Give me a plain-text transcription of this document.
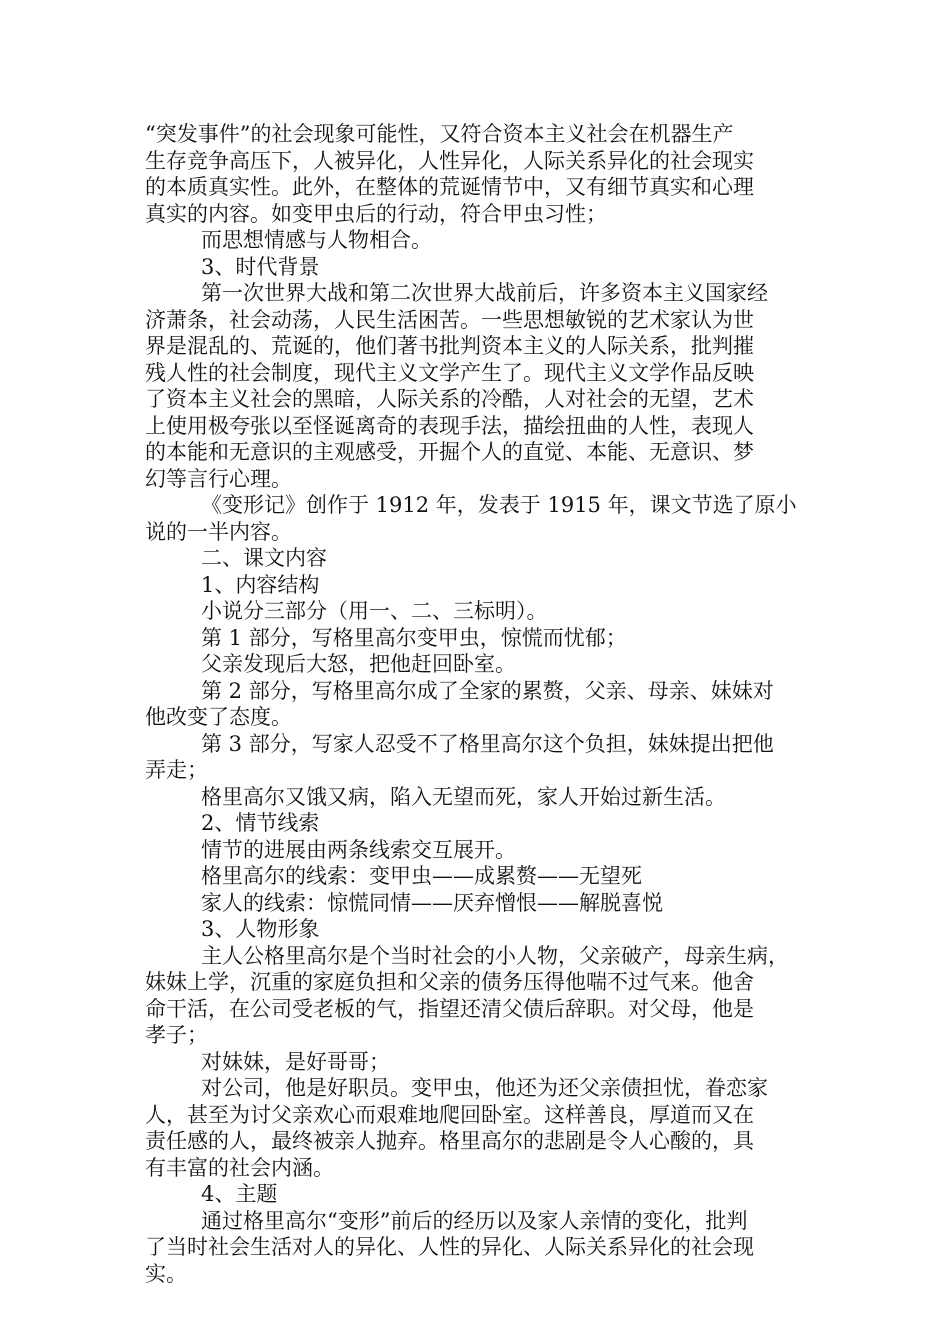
“突发事件”的社会现象可能性，又符合资本主义社会在机器生产
生存竞争高压下，人被异化，人性异化，人际关系异化的社会现实
的本质真实性。此外，在整体的荒诞情节中，又有细节真实和心理
真实的内容。如变甲虫后的行动，符合甲虫习性；
而思想情感与人物相合。
3、时代背景
第一次世界大战和第二次世界大战前后，许多资本主义国家经
济萧条，社会动荡，人民生活困苦。一些思想敏锐的艺术家认为世
界是混乱的、荒诞的，他们著书批判资本主义的人际关系，批判摧
残人性的社会制度，现代主义文学产生了。现代主义文学作品反映
了资本主义社会的黑暗，人际关系的冷酷，人对社会的无望，艺术
上使用极夸张以至怪诞离奇的表现手法，描绘扭曲的人性，表现人
的本能和无意识的主观感受，开掘个人的直觉、本能、无意识、梦
幻等言行心理。
《变形记》创作于 1912 年，发表于 1915 年，课文节选了原小
说的一半内容。
二、课文内容
1、内容结构
小说分三部分（用一、二、三标明）。
第 1 部分，写格里高尔变甲虫，惊慌而忧郁；
父亲发现后大怒，把他赶回卧室。
第 2 部分，写格里高尔成了全家的累赘，父亲、母亲、妹妹对
他改变了态度。
第 3 部分，写家人忍受不了格里高尔这个负担，妹妹提出把他
弄走；
格里高尔又饿又病，陷入无望而死，家人开始过新生活。
2、情节线索
情节的进展由两条线索交互展开。
格里高尔的线索：变甲虫——成累赘——无望死
家人的线索：惊慌同情——厌弃憎恨——解脱喜悦
3、人物形象
主人公格里高尔是个当时社会的小人物，父亲破产，母亲生病，
妹妹上学，沉重的家庭负担和父亲的债务压得他喘不过气来。他舍
命干活，在公司受老板的气，指望还清父债后辞职。对父母，他是
孝子；
对妹妹，是好哥哥；
对公司，他是好职员。变甲虫，他还为还父亲债担忧，眷恋家
人，甚至为讨父亲欢心而艰难地爬回卧室。这样善良，厚道而又在
责任感的人，最终被亲人抛弃。格里高尔的悲剧是令人心酸的，具
有丰富的社会内涵。
4、主题
通过格里高尔“变形”前后的经历以及家人亲情的变化，批判
了当时社会生活对人的异化、人性的异化、人际关系异化的社会现
实。
